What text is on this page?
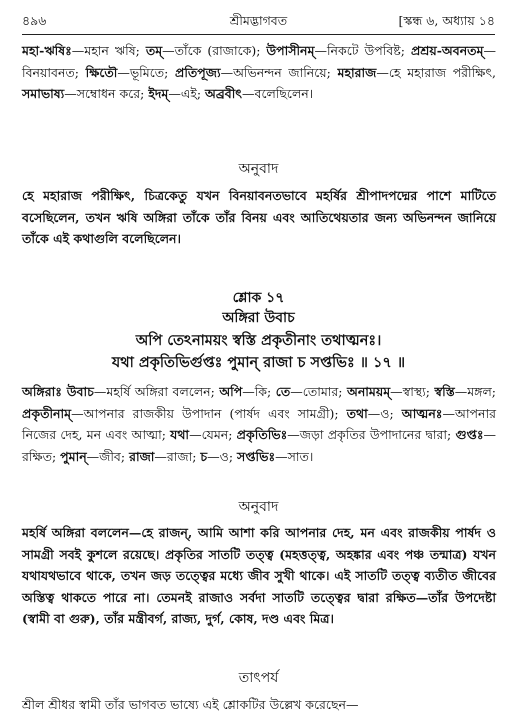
৪৯৬	শ্রীমদ্ভাগবত	[স্কন্ধ ৬, অধ্যায় ১৪
মহা-ঋষিঃ—মহান ঋষি; তম্—তাঁকে (রাজাকে); উপাসীনম্—নিকটে উপবিষ্ট; প্রশ্রয়-অবনতম্—বিনয়াবনত; ক্ষিতৌ—ভূমিতে; প্রতিপূজ্য—অভিনন্দন জানিয়ে; মহারাজ—হে মহারাজ পরীক্ষিৎ, সমাভাষ্য—সম্বোধন করে; ইদম্—এই; অব্রবীৎ—বলেছিলেন।
অনুবাদ
হে মহারাজ পরীক্ষিৎ, চিত্রকেতু যখন বিনয়াবনতভাবে মহর্ষির শ্রীপাদপদ্মের পাশে মাটিতে বসেছিলেন, তখন ঋষি অঙ্গিরা তাঁকে তাঁর বিনয় এবং আতিথেয়তার জন্য অভিনন্দন জানিয়ে তাঁকে এই কথাগুলি বলেছিলেন।
শ্লোক ১৭
অঙ্গিরা উবাচ
অপি তেঽনাময়ং স্বস্তি প্রকৃতীনাং তথাত্মনঃ।
যথা প্রকৃতিভির্গুপ্তঃ পুমান্ রাজা চ সপ্তভিঃ ॥ ১৭ ॥
অঙ্গিরাঃ উবাচ—মহর্ষি অঙ্গিরা বললেন; অপি—কি; তে—তোমার; অনাময়ম্—স্বাস্থ্য; স্বস্তি—মঙ্গল; প্রকৃতীনাম্—আপনার রাজকীয় উপাদান (পার্ষদ এবং সামগ্রী); তথা—ও; আত্মনঃ—আপনার নিজের দেহ, মন এবং আত্মা; যথা—যেমন; প্রকৃতিভিঃ—জড়া প্রকৃতির উপাদানের দ্বারা; গুপ্তঃ—রক্ষিত; পুমান্—জীব; রাজা—রাজা; চ—ও; সপ্তভিঃ—সাত।
অনুবাদ
মহর্ষি অঙ্গিরা বললেন—হে রাজন্, আমি আশা করি আপনার দেহ, মন এবং রাজকীয় পার্ষদ ও সামগ্রী সবই কুশলে রয়েছে। প্রকৃতির সাতটি তত্ত্ব (মহত্তত্ত্ব, অহঙ্কার এবং পঞ্চ তন্মাত্র) যখন যথাযথভাবে থাকে, তখন জড় তত্ত্বের মধ্যে জীব সুখী থাকে। এই সাতটি তত্ত্ব ব্যতীত জীবের অস্তিত্ব থাকতে পারে না। তেমনই রাজাও সর্বদা সাতটি তত্ত্বের দ্বারা রক্ষিত—তাঁর উপদেষ্টা (স্বামী বা গুরু), তাঁর মন্ত্রীবর্গ, রাজ্য, দুর্গ, কোষ, দণ্ড এবং মিত্র।
তাৎপর্য
শ্রীল শ্রীধর স্বামী তাঁর ভাগবত ভাষ্যে এই শ্লোকটির উল্লেখ করেছেন—
